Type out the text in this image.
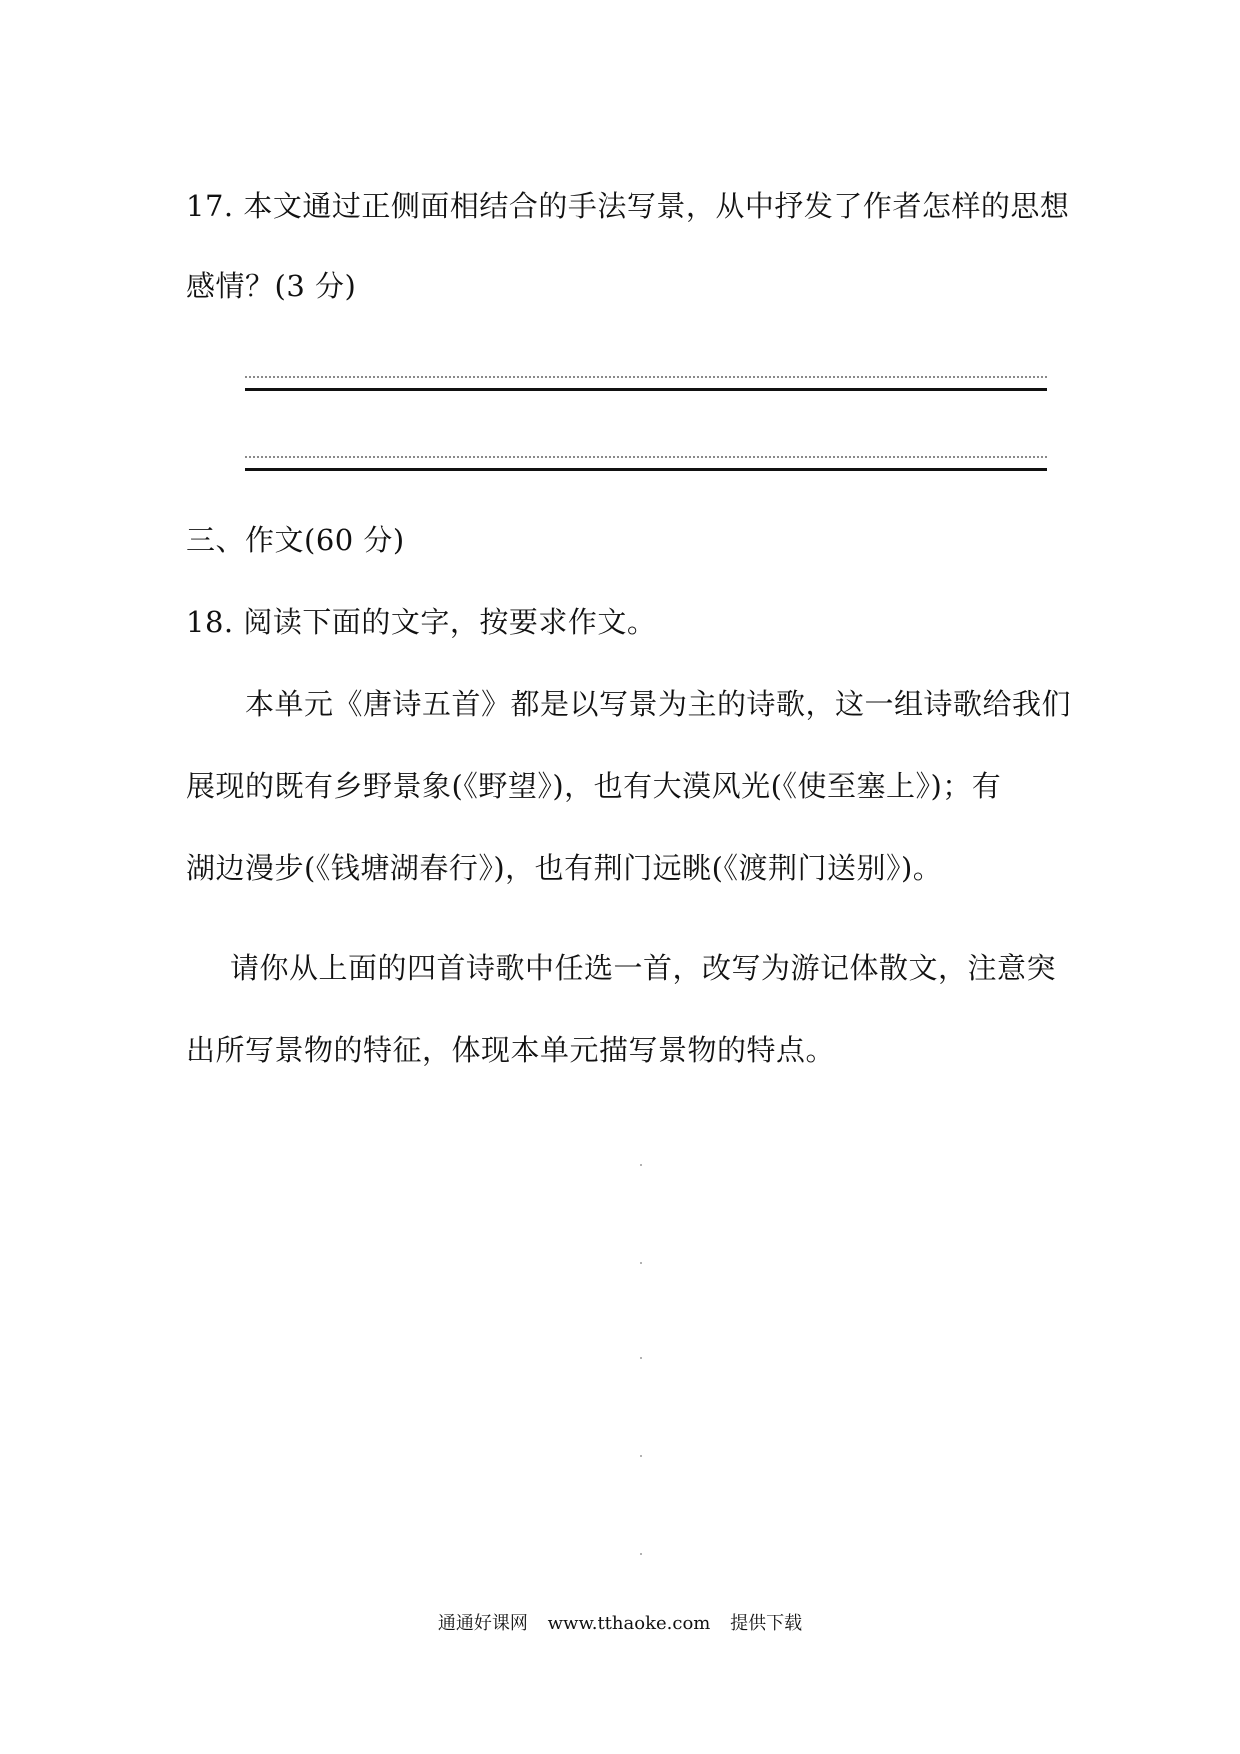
17. 本文通过正侧面相结合的手法写景，从中抒发了作者怎样的思想
感情？(3 分)
三、作文(60 分)
18. 阅读下面的文字，按要求作文。
本单元《唐诗五首》都是以写景为主的诗歌，这一组诗歌给我们
展现的既有乡野景象(《野望》)，也有大漠风光(《使至塞上》)；有
湖边漫步(《钱塘湖春行》)，也有荆门远眺(《渡荆门送别》)。
请你从上面的四首诗歌中任选一首，改写为游记体散文，注意突
出所写景物的特征，体现本单元描写景物的特点。
通通好课网 www.tthaoke.com 提供下载
